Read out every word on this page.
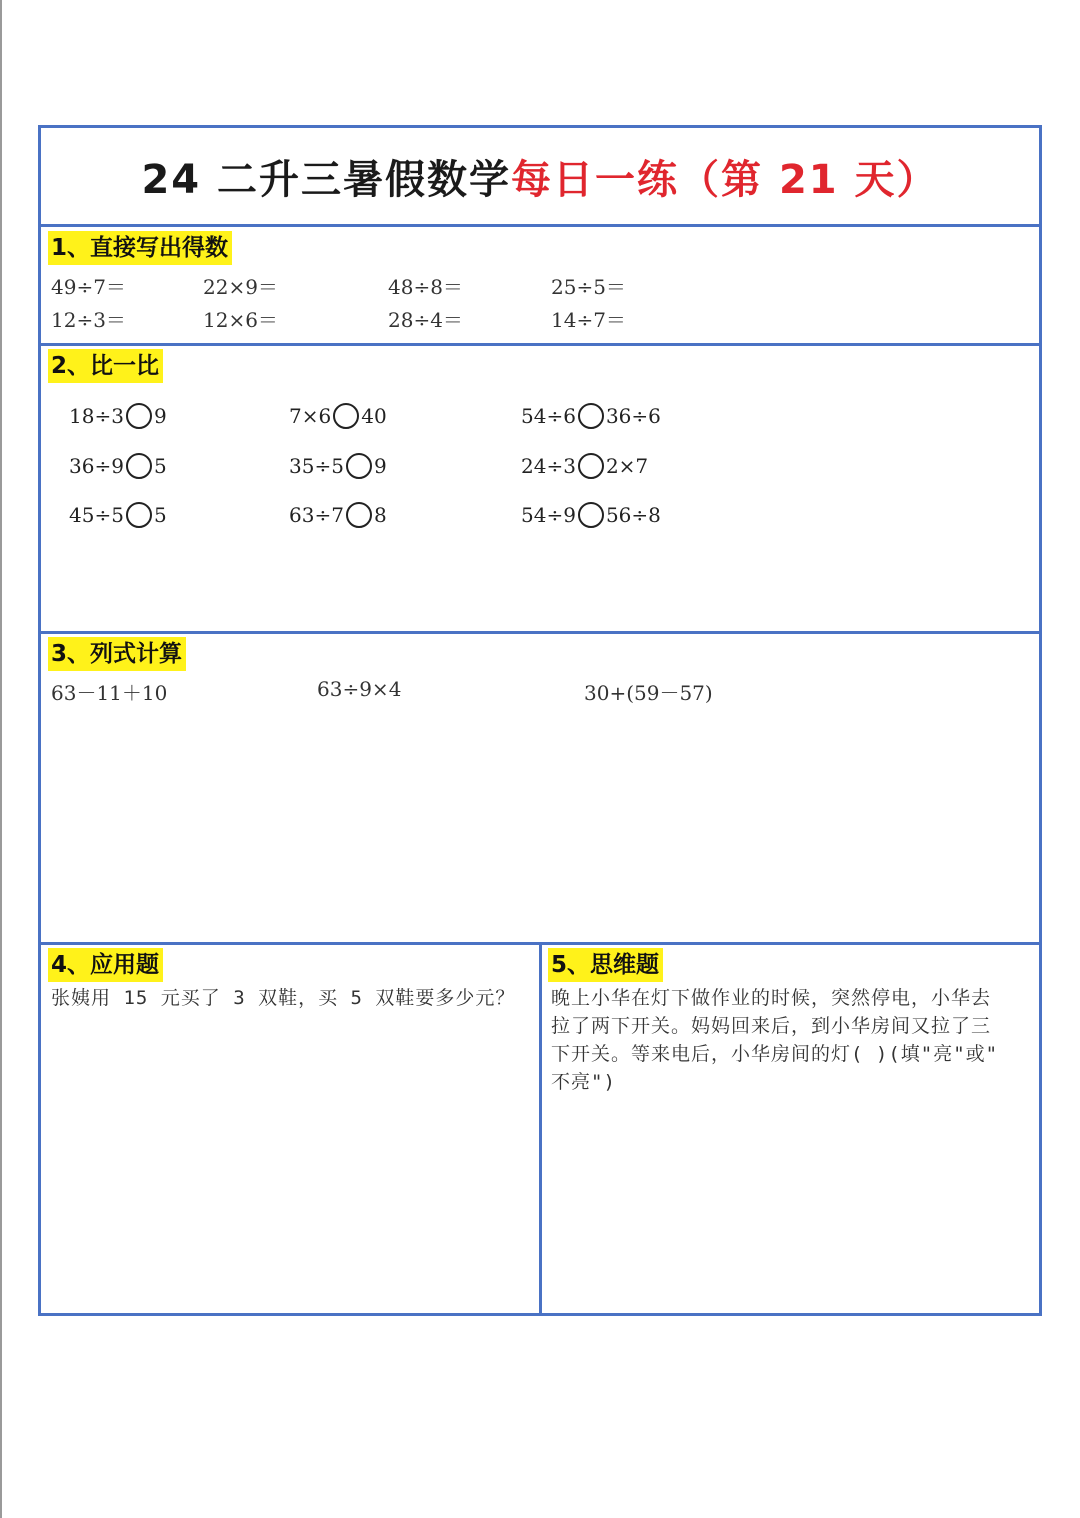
24 二升三暑假数学 每日一练（第 21 天）
1、直接写出得数
49÷7＝	22×9＝	48÷8＝	25÷5＝
12÷3＝	12×6＝	28÷4＝	14÷7＝
2、比一比
18÷3 9	7×6 40	54÷6 36÷6
36÷9 5	35÷5 9	24÷3 2×7
45÷5 5	63÷7 8	54÷9 56÷8
3、列式计算
63－11＋10	63÷9×4	30+(59－57)
4、应用题
张姨用 15 元买了 3 双鞋，买 5 双鞋要多少元？
5、思维题
晚上小华在灯下做作业的时候，突然停电，小华去
拉了两下开关。妈妈回来后，到小华房间又拉了三
下开关。等来电后，小华房间的灯( )(填"亮"或"
不亮")
